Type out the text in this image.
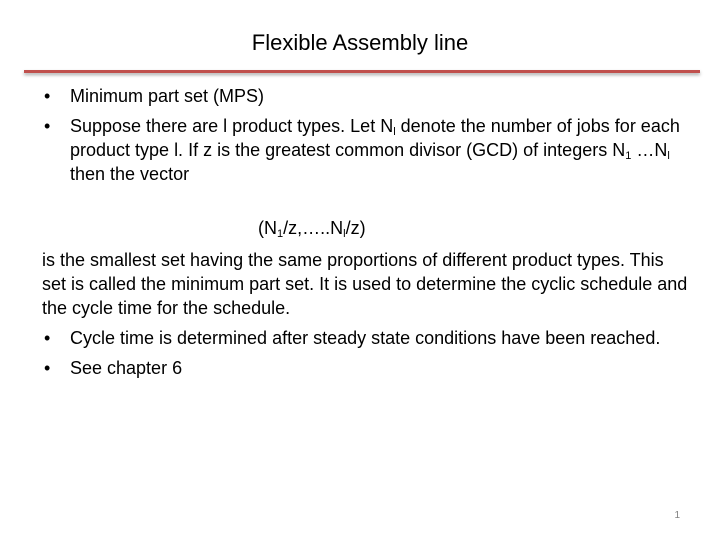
Flexible Assembly line
• Minimum part set (MPS)
• Suppose there are l product types. Let $N_l$ denote the number of jobs for each product type l. If z is the greatest common divisor (GCD) of integers $N_1$ $\dots N_l$ then the vector
$(N_1/z,\dots..N_l/z)$
is the smallest set having the same proportions of different product types. This set is called the minimum part set. It is used to determine the cyclic schedule and the cycle time for the schedule.
• Cycle time is determined after steady state conditions have been reached.
• See chapter 6
1
